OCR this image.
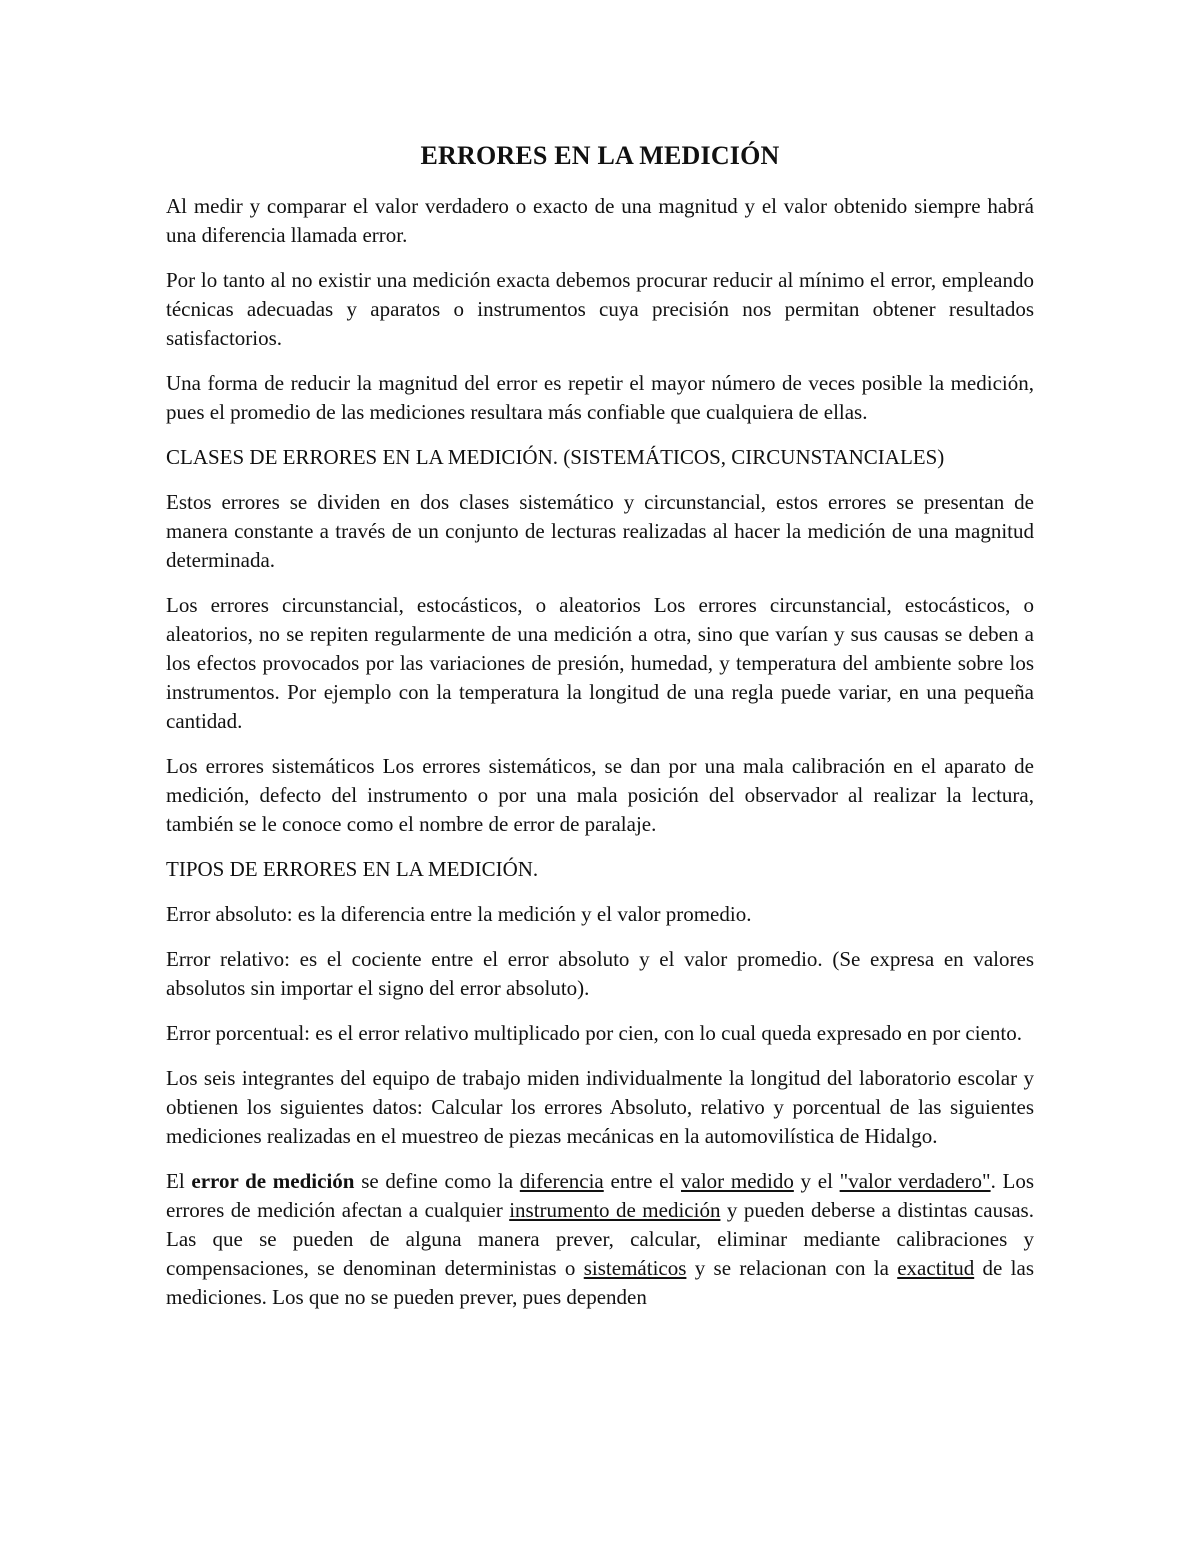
ERRORES EN LA MEDICIÓN

Al medir y comparar el valor verdadero o exacto de una magnitud y el valor obtenido siempre habrá una diferencia llamada error.

Por lo tanto al no existir una medición exacta debemos procurar reducir al mínimo el error, empleando técnicas adecuadas y aparatos o instrumentos cuya precisión nos permitan obtener resultados satisfactorios.

Una forma de reducir la magnitud del error es repetir el mayor número de veces posible la medición, pues el promedio de las mediciones resultara más confiable que cualquiera de ellas.

CLASES DE ERRORES EN LA MEDICIÓN. (SISTEMÁTICOS, CIRCUNSTANCIALES)

Estos errores se dividen en dos clases sistemático y circunstancial, estos errores se presentan de manera constante a través de un conjunto de lecturas realizadas al hacer la medición de una magnitud determinada.

Los errores circunstancial, estocásticos, o aleatorios Los errores circunstancial, estocásticos, o aleatorios, no se repiten regularmente de una medición a otra, sino que varían y sus causas se deben a los efectos provocados por las variaciones de presión, humedad, y temperatura del ambiente sobre los instrumentos. Por ejemplo con la temperatura la longitud de una regla puede variar, en una pequeña cantidad.

Los errores sistemáticos Los errores sistemáticos, se dan por una mala calibración en el aparato de medición, defecto del instrumento o por una mala posición del observador al realizar la lectura, también se le conoce como el nombre de error de paralaje.

TIPOS DE ERRORES EN LA MEDICIÓN.

Error absoluto: es la diferencia entre la medición y el valor promedio.

Error relativo: es el cociente entre el error absoluto y el valor promedio. (Se expresa en valores absolutos sin importar el signo del error absoluto).

Error porcentual: es el error relativo multiplicado por cien, con lo cual queda expresado en por ciento.

Los seis integrantes del equipo de trabajo miden individualmente la longitud del laboratorio escolar y obtienen los siguientes datos: Calcular los errores Absoluto, relativo y porcentual de las siguientes mediciones realizadas en el muestreo de piezas mecánicas en la automovilística de Hidalgo.

El error de medición se define como la diferencia entre el valor medido y el "valor verdadero". Los errores de medición afectan a cualquier instrumento de medición y pueden deberse a distintas causas. Las que se pueden de alguna manera prever, calcular, eliminar mediante calibraciones y compensaciones, se denominan deterministas o sistemáticos y se relacionan con la exactitud de las mediciones. Los que no se pueden prever, pues dependen
